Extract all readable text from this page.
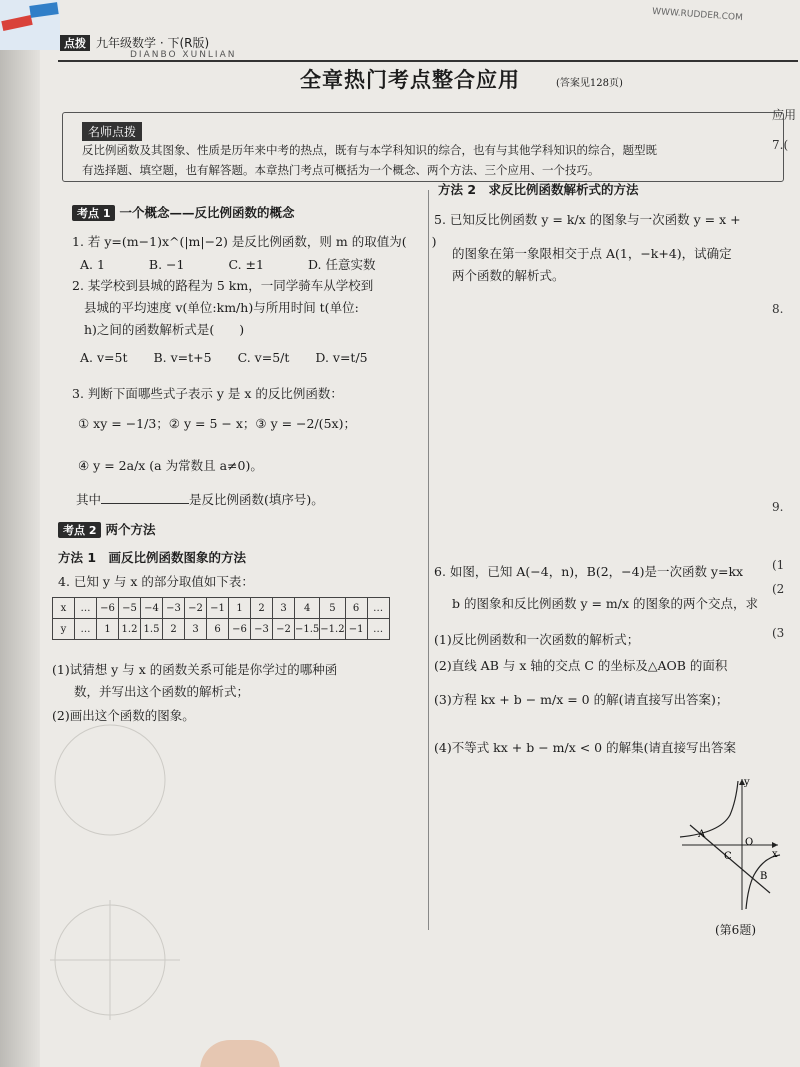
点拨 九年级数学 · 下(R版)
DIANBO XUNLIAN
WWW.RUDDER.COM
全章热门考点整合应用	(答案见128页)
名师点拨
反比例函数及其图象、性质是历年来中考的热点，既有与本学科知识的综合，也有与其他学科知识的综合，题型既
有选择题、填空题，也有解答题。本章热门考点可概括为一个概念、两个方法、三个应用、一个技巧。
考点 1 一个概念——反比例函数的概念
1. 若 y=(m−1)x^(|m|−2) 是反比例函数，则 m 的取值为(　　)
A. 1	B. −1	C. ±1	D. 任意实数
2. 某学校到县城的路程为 5 km，一同学骑车从学校到
县城的平均速度 v(单位:km/h)与所用时间 t(单位:
h)之间的函数解析式是(　　)
A. v=5t B. v=t+5 C. v=5/t D. v=t/5
3. 判断下面哪些式子表示 y 是 x 的反比例函数：
① xy = −1/3；② y = 5 − x；③ y = −2/(5x)；
④ y = 2a/x (a 为常数且 a≠0)。
其中	是反比例函数(填序号)。
考点 2 两个方法
方法 1　画反比例函数图象的方法
4. 已知 y 与 x 的部分取值如下表：
x	…	−6	−5	−4	−3	−2	−1	1	2	3	4	5	6	…
y	…	1	1.2	1.5	2	3	6	−6	−3	−2	−1.5	−1.2	−1	…
(1)试猜想 y 与 x 的函数关系可能是你学过的哪种函
数，并写出这个函数的解析式；
(2)画出这个函数的图象。
方法 2　求反比例函数解析式的方法
5. 已知反比例函数 y = k/x 的图象与一次函数 y = x +
的图象在第一象限相交于点 A(1，−k+4)，试确定
两个函数的解析式。
6. 如图，已知 A(−4，n)，B(2，−4)是一次函数 y=kx
b 的图象和反比例函数 y = m/x 的图象的两个交点，求
(1)反比例函数和一次函数的解析式；
(2)直线 AB 与 x 轴的交点 C 的坐标及△AOB 的面积
(3)方程 kx + b − m/x = 0 的解(请直接写出答案)；
(4)不等式 kx + b − m/x < 0 的解集(请直接写出答案
y
x
A
O
C
B
(第6题)
应用
7.(
8.
9.
(1
(2
(3
